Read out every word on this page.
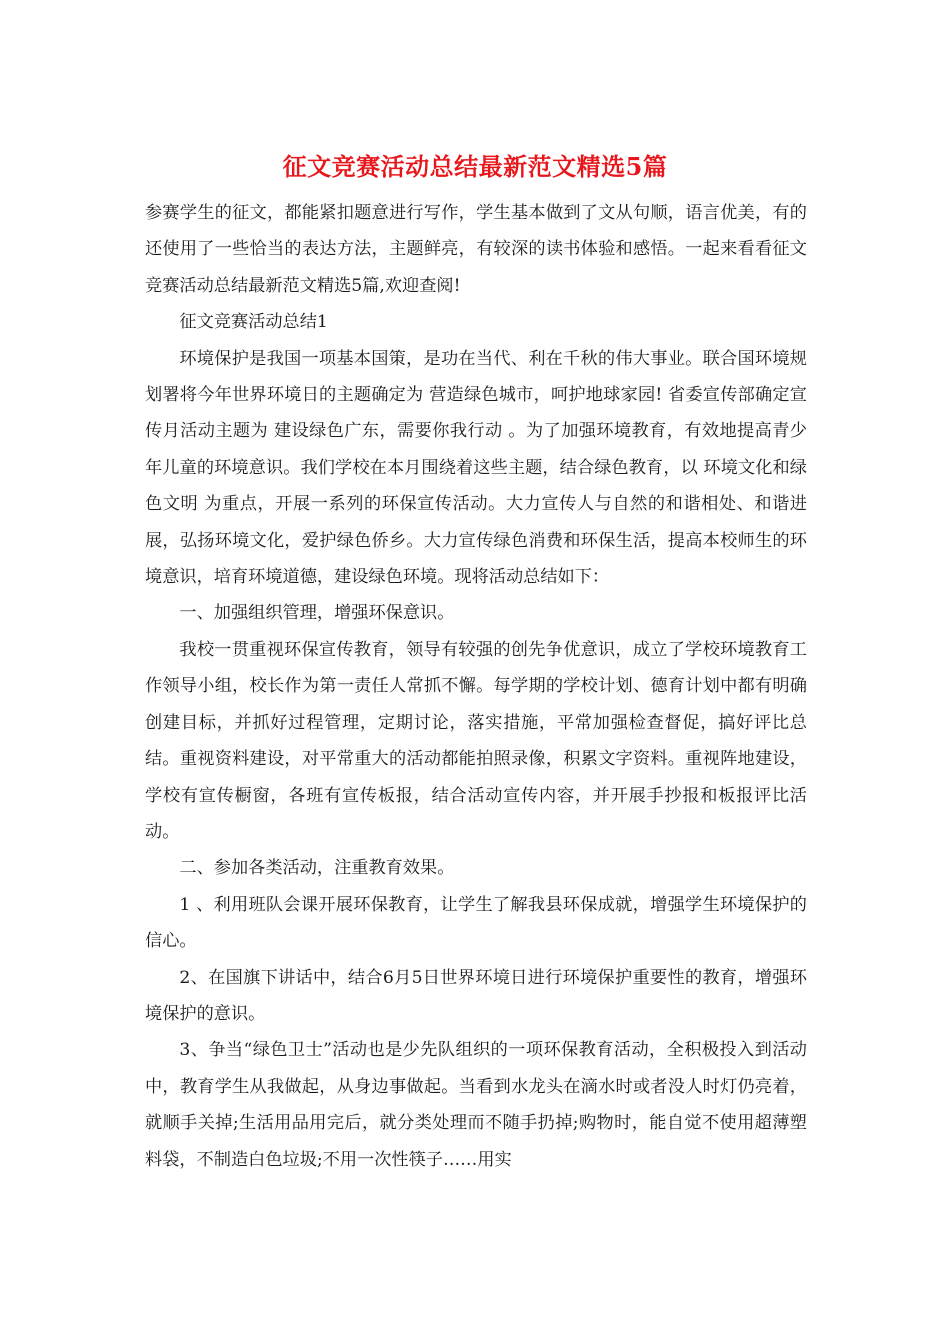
征文竞赛活动总结最新范文精选5篇

参赛学生的征文，都能紧扣题意进行写作，学生基本做到了文从句顺，语言优美，有的还使用了一些恰当的表达方法，主题鲜亮，有较深的读书体验和感悟。一起来看看征文竞赛活动总结最新范文精选5篇,欢迎查阅!

征文竞赛活动总结1

环境保护是我国一项基本国策，是功在当代、利在千秋的伟大事业。联合国环境规划署将今年世界环境日的主题确定为 营造绿色城市，呵护地球家园! 省委宣传部确定宣传月活动主题为 建设绿色广东，需要你我行动 。为了加强环境教育，有效地提高青少年儿童的环境意识。我们学校在本月围绕着这些主题，结合绿色教育，以 环境文化和绿色文明 为重点，开展一系列的环保宣传活动。大力宣传人与自然的和谐相处、和谐进展，弘扬环境文化，爱护绿色侨乡。大力宣传绿色消费和环保生活，提高本校师生的环境意识，培育环境道德，建设绿色环境。现将活动总结如下：

一、加强组织管理，增强环保意识。

我校一贯重视环保宣传教育，领导有较强的创先争优意识，成立了学校环境教育工作领导小组，校长作为第一责任人常抓不懈。每学期的学校计划、德育计划中都有明确创建目标，并抓好过程管理，定期讨论，落实措施，平常加强检查督促，搞好评比总结。重视资料建设，对平常重大的活动都能拍照录像，积累文字资料。重视阵地建设，学校有宣传橱窗，各班有宣传板报，结合活动宣传内容，并开展手抄报和板报评比活动。

二、参加各类活动，注重教育效果。

1 、利用班队会课开展环保教育，让学生了解我县环保成就，增强学生环境保护的信心。

2、在国旗下讲话中，结合6月5日世界环境日进行环境保护重要性的教育，增强环境保护的意识。

3、争当“绿色卫士”活动也是少先队组织的一项环保教育活动，全积极投入到活动中，教育学生从我做起，从身边事做起。当看到水龙头在滴水时或者没人时灯仍亮着，就顺手关掉;生活用品用完后，就分类处理而不随手扔掉;购物时，能自觉不使用超薄塑料袋，不制造白色垃圾;不用一次性筷子……用实
